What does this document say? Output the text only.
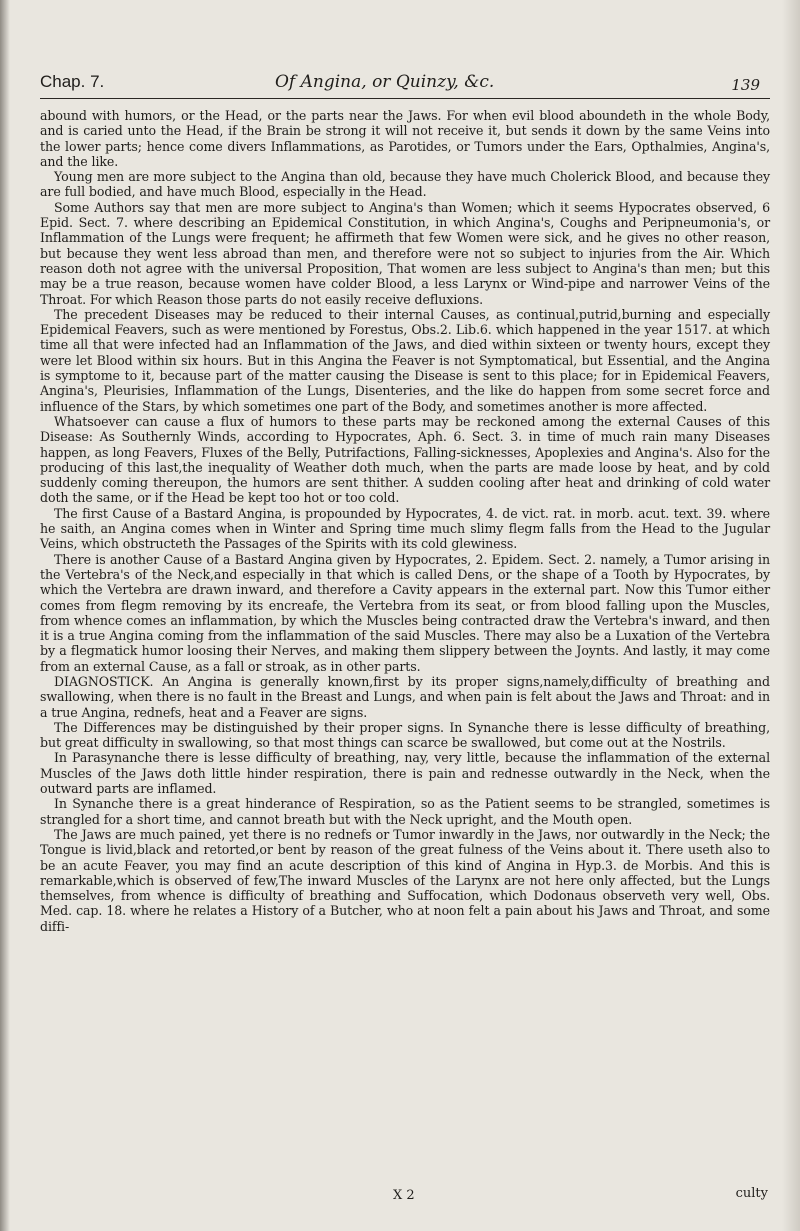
Chap. 7.	Of Angina, or Quinzy, &c.	139

abound with humors, or the Head, or the parts near the Jaws. For when evil blood aboundeth in the whole Body, and is caried unto the Head, if the Brain be strong it will not receive it, but sends it down by the same Veins into the lower parts; hence come divers Inflammations, as Parotides, or Tumors under the Ears, Opthalmies, Angina's, and the like.

Young men are more subject to the Angina than old, because they have much Cholerick Blood, and because they are full bodied, and have much Blood, especially in the Head.

Some Authors say that men are more subject to Angina's than Women; which it seems Hypocrates observed, 6 Epid. Sect. 7. where describing an Epidemical Constitution, in which Angina's, Coughs and Peripneumonia's, or Inflammation of the Lungs were frequent; he affirmeth that few Women were sick, and he gives no other reason, but because they went less abroad than men, and therefore were not so subject to injuries from the Air. Which reason doth not agree with the universal Proposition, That women are less subject to Angina's than men; but this may be a true reason, because women have colder Blood, a less Larynx or Wind-pipe and narrower Veins of the Throat. For which Reason those parts do not easily receive defluxions.

The precedent Diseases may be reduced to their internal Causes, as continual,putrid,burning and especially Epidemical Feavers, such as were mentioned by Forestus, Obs.2. Lib.6. which happened in the year 1517. at which time all that were infected had an Inflammation of the Jaws, and died within sixteen or twenty hours, except they were let Blood within six hours. But in this Angina the Feaver is not Symptomatical, but Essential, and the Angina is symptome to it, because part of the matter causing the Disease is sent to this place; for in Epidemical Feavers, Angina's, Pleurisies, Inflammation of the Lungs, Disenteries, and the like do happen from some secret force and influence of the Stars, by which sometimes one part of the Body, and sometimes another is more affected.

Whatsoever can cause a flux of humors to these parts may be reckoned among the external Causes of this Disease: As Southernly Winds, according to Hypocrates, Aph. 6. Sect. 3. in time of much rain many Diseases happen, as long Feavers, Fluxes of the Belly, Putrifactions, Falling-sicknesses, Apoplexies and Angina's. Also for the producing of this last,the inequality of Weather doth much, when the parts are made loose by heat, and by cold suddenly coming thereupon, the humors are sent thither. A sudden cooling after heat and drinking of cold water doth the same, or if the Head be kept too hot or too cold.

The first Cause of a Bastard Angina, is propounded by Hypocrates, 4. de vict. rat. in morb. acut. text. 39. where he saith, an Angina comes when in Winter and Spring time much slimy flegm falls from the Head to the Jugular Veins, which obstructeth the Passages of the Spirits with its cold glewiness.

There is another Cause of a Bastard Angina given by Hypocrates, 2. Epidem. Sect. 2. namely, a Tumor arising in the Vertebra's of the Neck,and especially in that which is called Dens, or the shape of a Tooth by Hypocrates, by which the Vertebra are drawn inward, and therefore a Cavity appears in the external part. Now this Tumor either comes from flegm removing by its encreafe, the Vertebra from its seat, or from blood falling upon the Muscles, from whence comes an inflammation, by which the Muscles being contracted draw the Vertebra's inward, and then it is a true Angina coming from the inflammation of the said Muscles. There may also be a Luxation of the Vertebra by a flegmatick humor loosing their Nerves, and making them slippery between the Joynts. And lastly, it may come from an external Cause, as a fall or stroak, as in other parts.

DIAGNOSTICK. An Angina is generally known,first by its proper signs,namely,difficulty of breathing and swallowing, when there is no fault in the Breast and Lungs, and when pain is felt about the Jaws and Throat: and in a true Angina, rednefs, heat and a Feaver are signs.

The Differences may be distinguished by their proper signs. In Synanche there is lesse difficulty of breathing, but great difficulty in swallowing, so that most things can scarce be swallowed, but come out at the Nostrils.

In Parasynanche there is lesse difficulty of breathing, nay, very little, because the inflammation of the external Muscles of the Jaws doth little hinder respiration, there is pain and rednesse outwardly in the Neck, when the outward parts are inflamed.

In Synanche there is a great hinderance of Respiration, so as the Patient seems to be strangled, sometimes is strangled for a short time, and cannot breath but with the Neck upright, and the Mouth open.

The Jaws are much pained, yet there is no rednefs or Tumor inwardly in the Jaws, nor outwardly in the Neck; the Tongue is livid,black and retorted,or bent by reason of the great fulness of the Veins about it. There useth also to be an acute Feaver, you may find an acute description of this kind of Angina in Hyp.3. de Morbis. And this is remarkable,which is observed of few,The inward Muscles of the Larynx are not here only affected, but the Lungs themselves, from whence is difficulty of breathing and Suffocation, which Dodonaus observeth very well, Obs. Med. cap. 18. where he relates a History of a Butcher, who at noon felt a pain about his Jaws and Throat, and some diffi-

X 2	culty
